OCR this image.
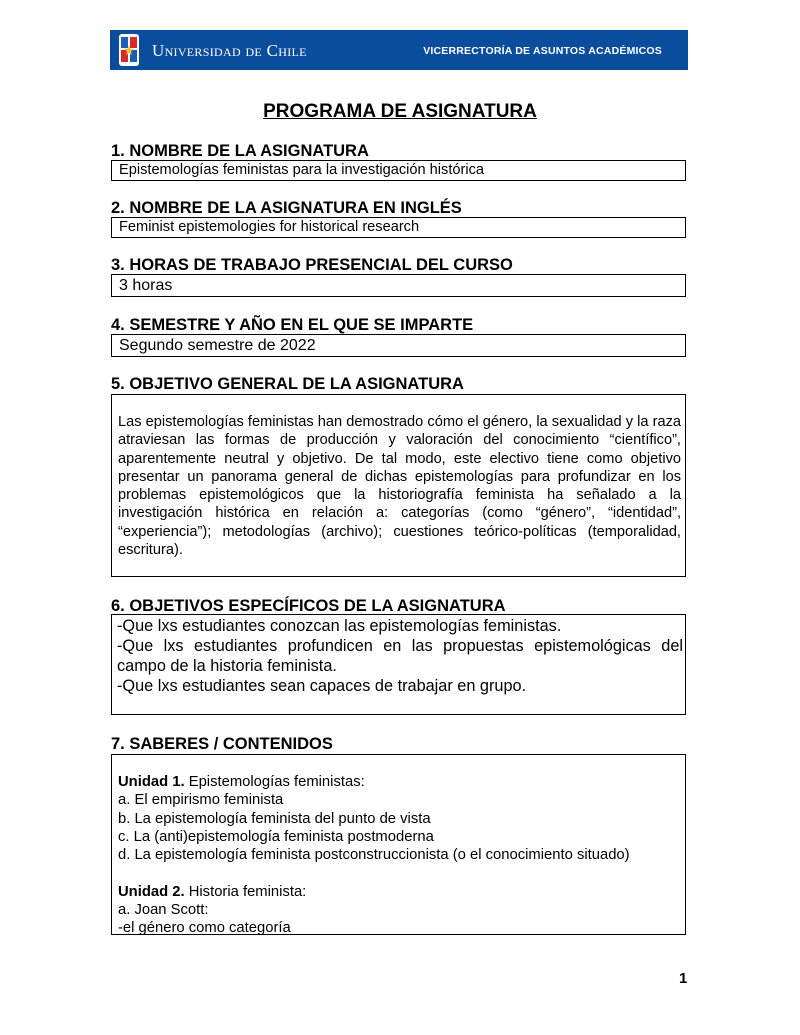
Universidad de Chile	VICERRECTORÍA DE ASUNTOS ACADÉMICOS
PROGRAMA DE ASIGNATURA
1. NOMBRE DE LA ASIGNATURA
Epistemologías feministas para la investigación histórica
2. NOMBRE DE LA ASIGNATURA EN INGLÉS
Feminist epistemologies for historical research
3. HORAS DE TRABAJO PRESENCIAL DEL CURSO
3 horas
4. SEMESTRE Y AÑO EN EL QUE SE IMPARTE
Segundo semestre de 2022
5. OBJETIVO GENERAL DE LA ASIGNATURA
Las epistemologías feministas han demostrado cómo el género, la sexualidad y la raza atraviesan las formas de producción y valoración del conocimiento “científico”, aparentemente neutral y objetivo. De tal modo, este electivo tiene como objetivo presentar un panorama general de dichas epistemologías para profundizar en los problemas epistemológicos que la historiografía feminista ha señalado a la investigación histórica en relación a: categorías (como “género”, “identidad”, “experiencia”); metodologías (archivo); cuestiones teórico-políticas (temporalidad, escritura).
6. OBJETIVOS ESPECÍFICOS DE LA ASIGNATURA
-Que lxs estudiantes conozcan las epistemologías feministas.
-Que lxs estudiantes profundicen en las propuestas epistemológicas del campo de la historia feminista.
-Que lxs estudiantes sean capaces de trabajar en grupo.
7. SABERES / CONTENIDOS
Unidad 1. Epistemologías feministas:
a. El empirismo feminista
b. La epistemología feminista del punto de vista
c. La (anti)epistemología feminista postmoderna
d. La epistemología feminista postconstruccionista (o el conocimiento situado)
Unidad 2. Historia feminista:
a. Joan Scott:
-el género como categoría
1
